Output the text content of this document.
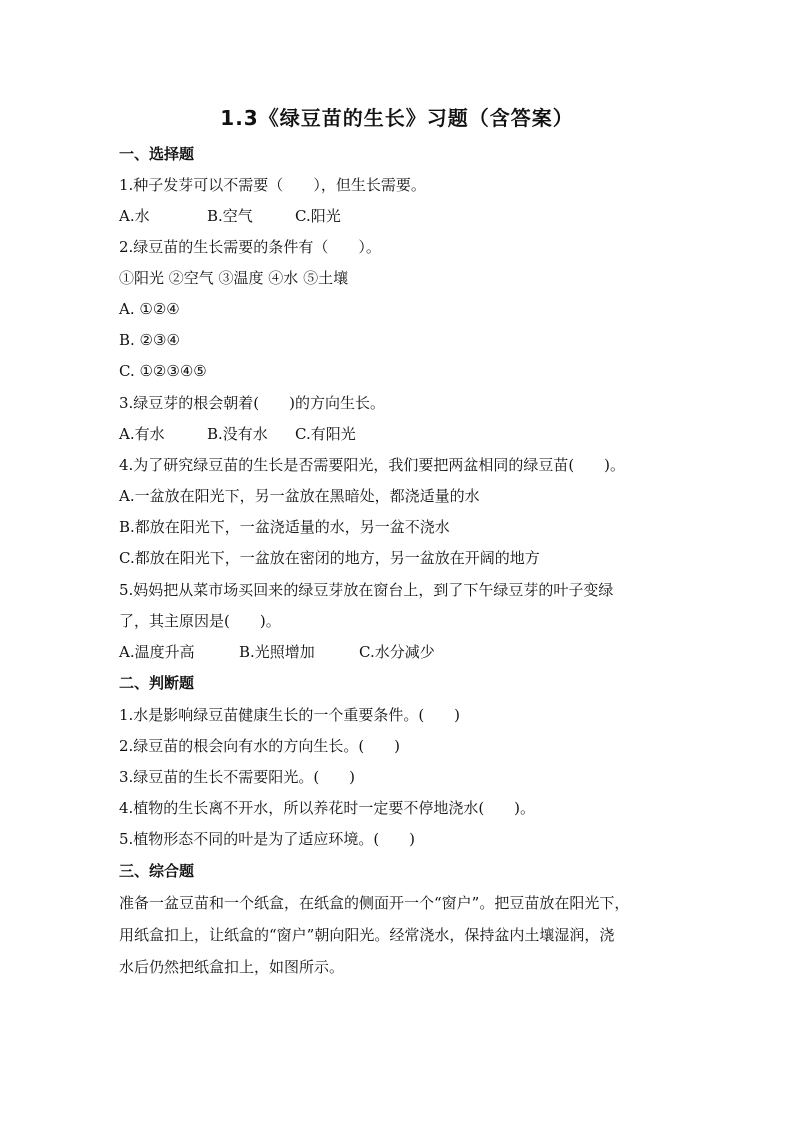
1.3《绿豆苗的生长》习题（含答案）
一、选择题
1.种子发芽可以不需要（　　），但生长需要。
A.水	B.空气	C.阳光
2.绿豆苗的生长需要的条件有（　　）。
①阳光 ②空气 ③温度 ④水 ⑤土壤
A. ①②④
B. ②③④
C. ①②③④⑤
3.绿豆芽的根会朝着(　　)的方向生长。
A.有水	B.没有水 C.有阳光
4.为了研究绿豆苗的生长是否需要阳光，我们要把两盆相同的绿豆苗(　　)。
A.一盆放在阳光下，另一盆放在黑暗处，都浇适量的水
B.都放在阳光下，一盆浇适量的水，另一盆不浇水
C.都放在阳光下，一盆放在密闭的地方，另一盆放在开阔的地方
5.妈妈把从菜市场买回来的绿豆芽放在窗台上，到了下午绿豆芽的叶子变绿
了，其主原因是(　　)。
A.温度升高	B.光照增加	C.水分减少
二、判断题
1.水是影响绿豆苗健康生长的一个重要条件。(　　)
2.绿豆苗的根会向有水的方向生长。(　　)
3.绿豆苗的生长不需要阳光。(　　)
4.植物的生长离不开水，所以养花时一定要不停地浇水(　　)。
5.植物形态不同的叶是为了适应环境。(　　)
三、综合题
准备一盆豆苗和一个纸盒，在纸盒的侧面开一个“窗户”。把豆苗放在阳光下，
用纸盒扣上，让纸盒的“窗户”朝向阳光。经常浇水，保持盆内土壤湿润，浇
水后仍然把纸盒扣上，如图所示。
